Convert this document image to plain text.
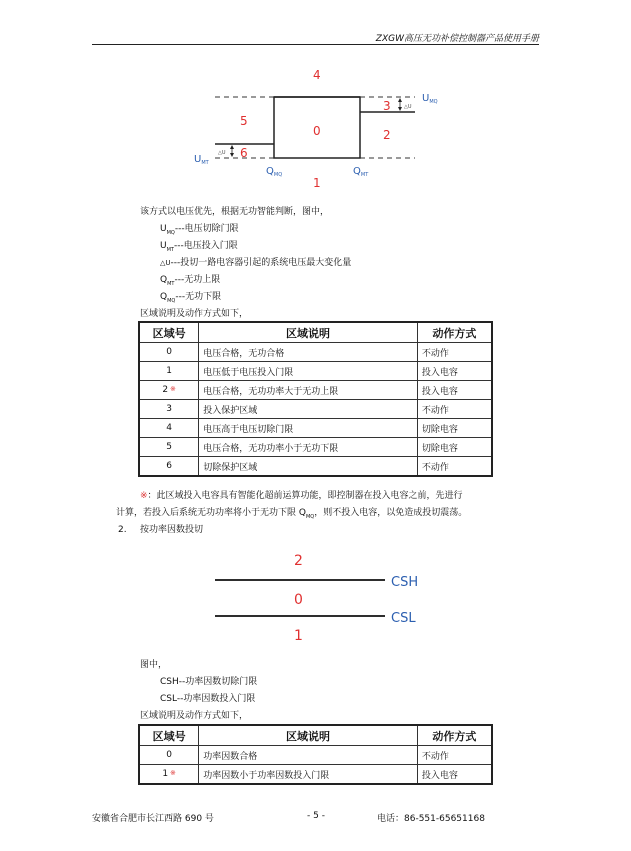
ZXGW高压无功补偿控制器产品使用手册
△U
△U
0
1
2
3
4
5
6
$U_{MQ}$
$U_{MT}$
$Q_{MQ}$	$Q_{MT}$
该方式以电压优先，根据无功智能判断，图中，
$U_{MQ}---$电压切除门限
$U_{MT}---$电压投入门限
△U---投切一路电容器引起的系统电压最大变化量
$Q_{MT}---$无功上限
$Q_{MQ}---$无功下限
区域说明及动作方式如下，
区域号	区域说明	动作方式
0	电压合格，无功合格	不动作
1	电压低于电压投入门限	投入电容
2 ※	电压合格，无功功率大于无功上限	投入电容
3	投入保护区域	不动作
4	电压高于电压切除门限	切除电容
5	电压合格，无功功率小于无功下限	切除电容
6	切除保护区域	不动作
※：此区域投入电容具有智能化超前运算功能，即控制器在投入电容之前，先进行
计算，若投入后系统无功功率将小于无功下限 $Q_{MQ}$，则不投入电容，以免造成投切震荡。
2. 按功率因数投切
2
0
1
CSH
CSL
图中，
CSH--功率因数切除门限
CSL--功率因数投入门限
区域说明及动作方式如下，
区域号	区域说明	动作方式
0	功率因数合格	不动作
1 ※	功率因数小于功率因数投入门限	投入电容
安徽省合肥市长江西路 690 号	- 5 -	电话：86-551-65651168
